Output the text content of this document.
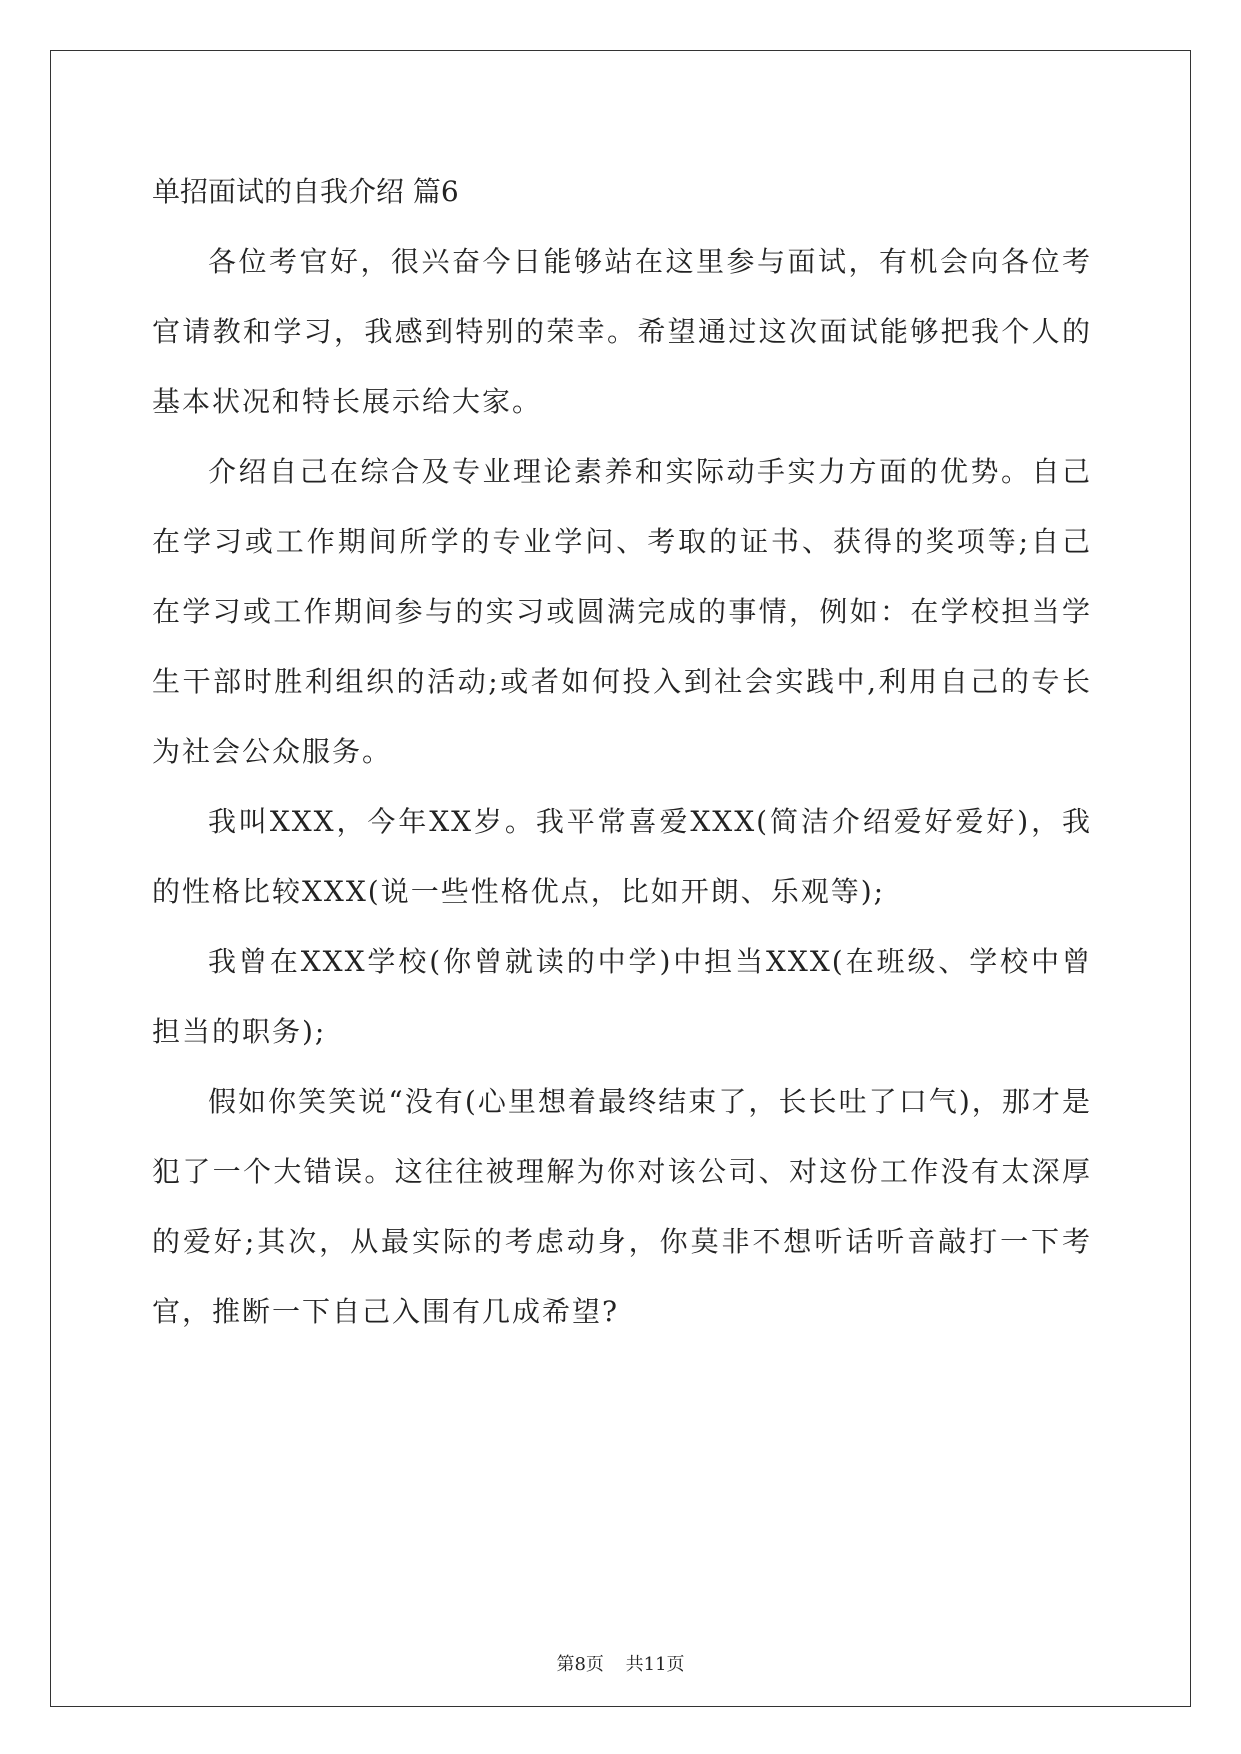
单招面试的自我介绍 篇6

各位考官好，很兴奋今日能够站在这里参与面试，有机会向各位考官请教和学习，我感到特别的荣幸。希望通过这次面试能够把我个人的基本状况和特长展示给大家。

介绍自己在综合及专业理论素养和实际动手实力方面的优势。自己在学习或工作期间所学的专业学问、考取的证书、获得的奖项等;自己在学习或工作期间参与的实习或圆满完成的事情，例如：在学校担当学生干部时胜利组织的活动;或者如何投入到社会实践中,利用自己的专长为社会公众服务。

我叫XXX，今年XX岁。我平常喜爱XXX(简洁介绍爱好爱好)，我的性格比较XXX(说一些性格优点，比如开朗、乐观等);

我曾在XXX学校(你曾就读的中学)中担当XXX(在班级、学校中曾担当的职务);

假如你笑笑说“没有(心里想着最终结束了，长长吐了口气)，那才是犯了一个大错误。这往往被理解为你对该公司、对这份工作没有太深厚的爱好;其次，从最实际的考虑动身，你莫非不想听话听音敲打一下考官，推断一下自己入围有几成希望?

第8页 共11页
